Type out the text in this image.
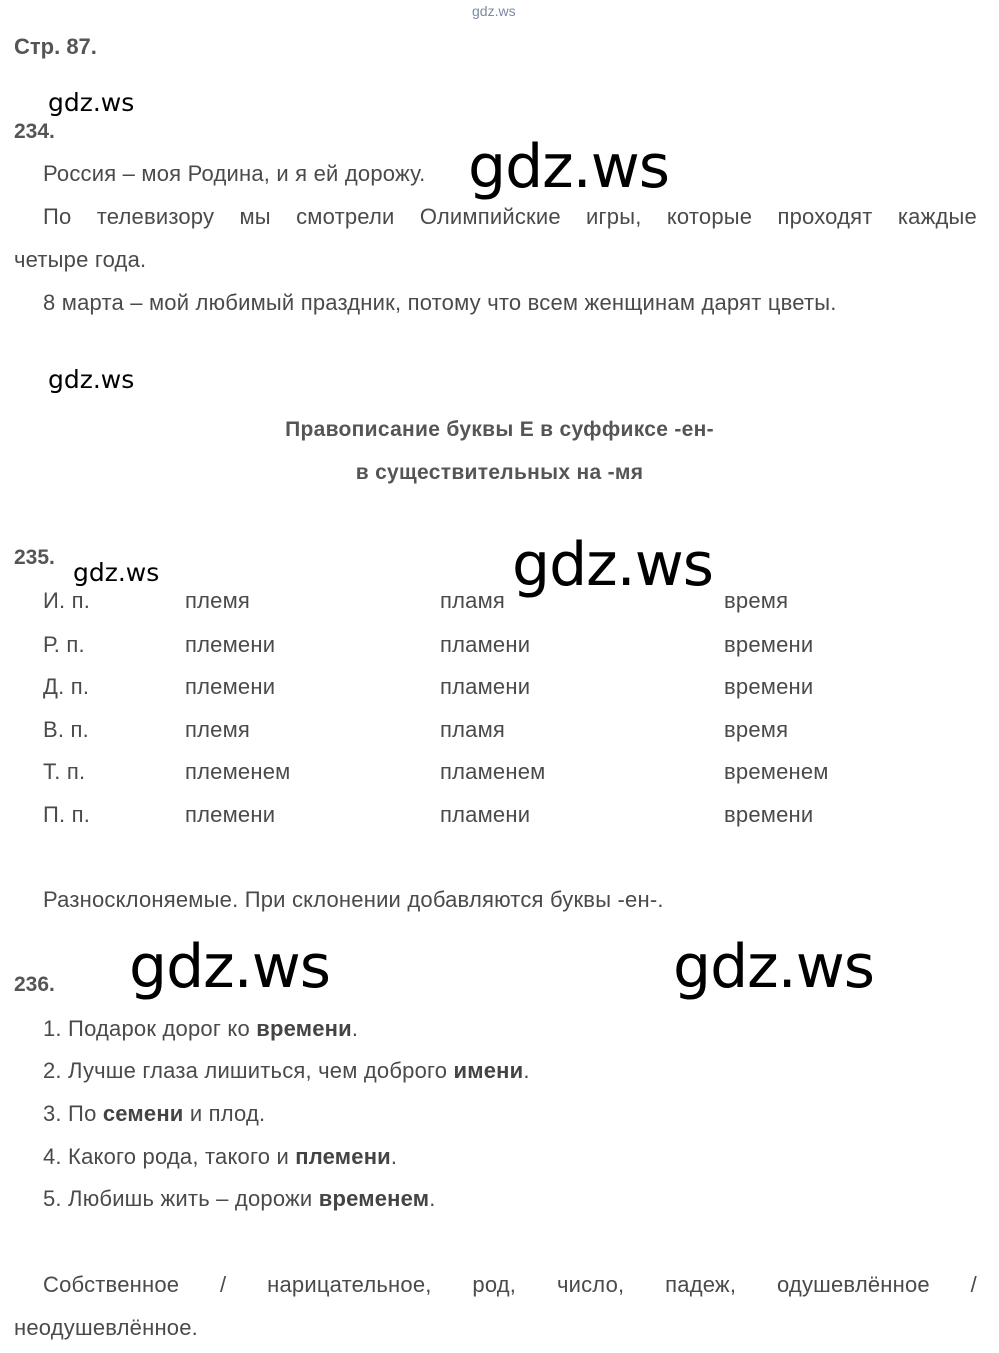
gdz.ws
Стр. 87.
gdz.ws
234.
Россия – моя Родина, и я ей дорожу. gdz.ws
По телевизору мы смотрели Олимпийские игры, которые проходят каждые
четыре года.
8 марта – мой любимый праздник, потому что всем женщинам дарят цветы.
gdz.ws
Правописание буквы Е в суффиксе -ен-
в существительных на -мя
235.
gdz.ws
И. п.	племя	пламя	время
Р. п.	племени	пламени	времени
Д. п.	племени	пламени	времени
В. п.	племя	пламя	время
Т. п.	племенем	пламенем	временем
П. п.	племени	пламени	времени
gdz.ws
Разносклоняемые. При склонении добавляются буквы -ен-.
gdz.ws	gdz.ws
236.
1. Подарок дорог ко времени.
2. Лучше глаза лишиться, чем доброго имени.
3. По семени и плод.
4. Какого рода, такого и племени.
5. Любишь жить – дорожи временем.
Собственное / нарицательное, род, число, падеж, одушевлённое /
неодушевлённое.
